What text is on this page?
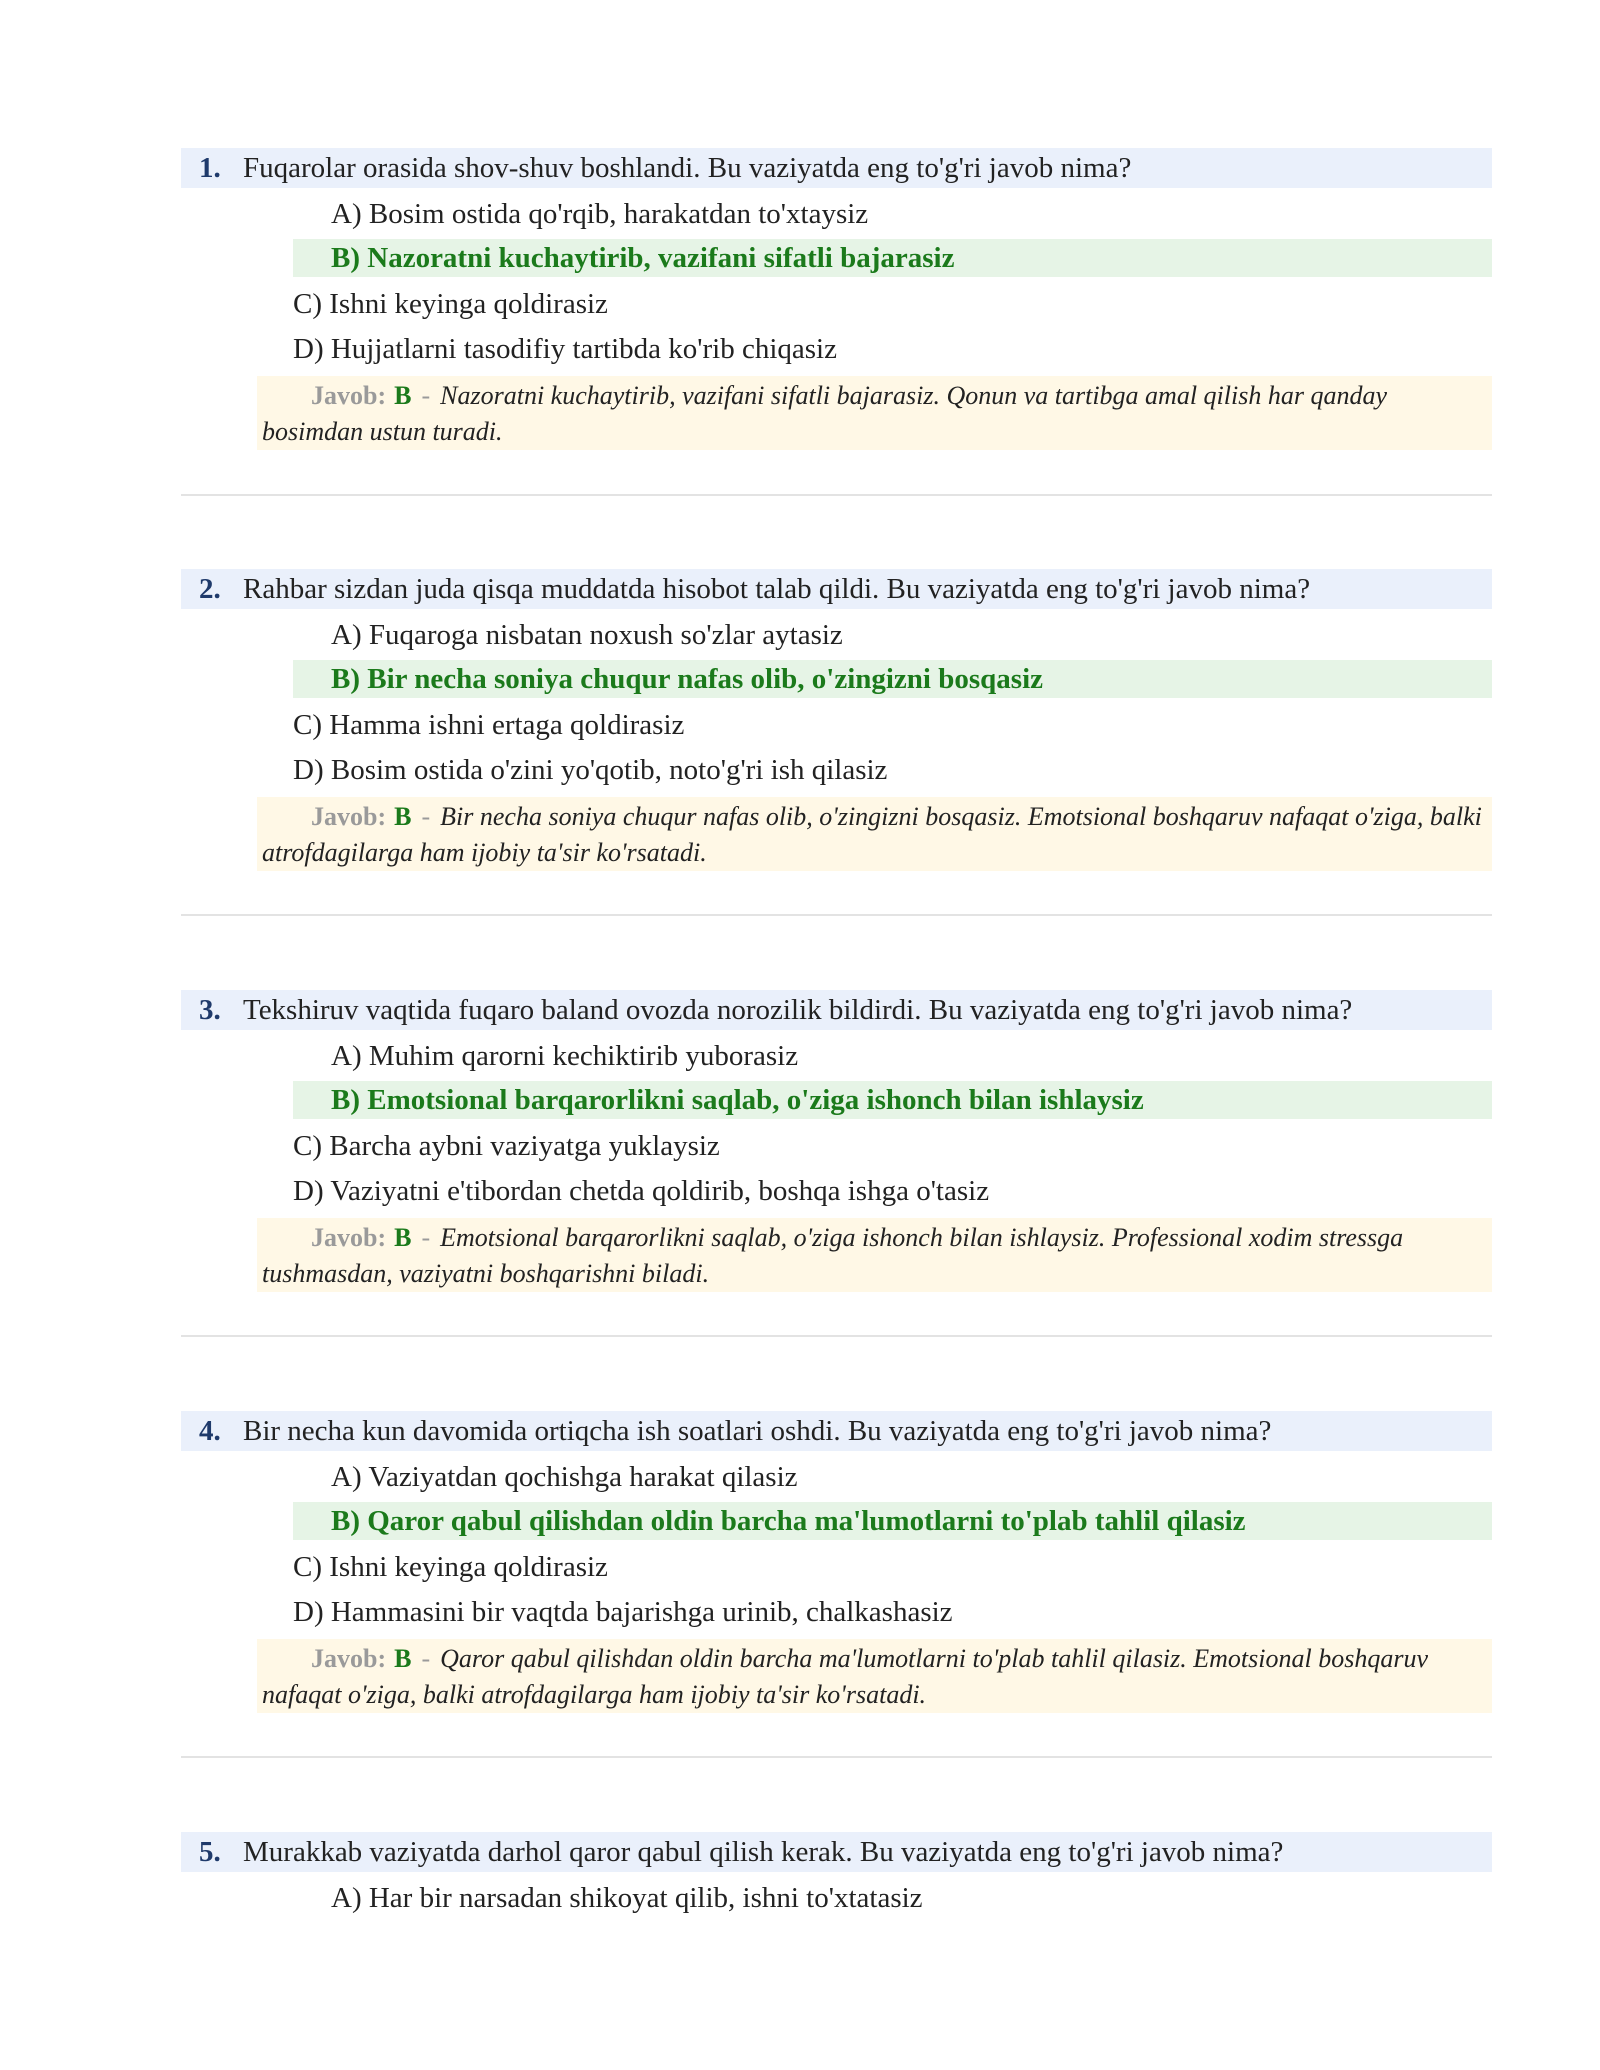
1. Fuqarolar orasida shov-shuv boshlandi. Bu vaziyatda eng to'g'ri javob nima?
A) Bosim ostida qo'rqib, harakatdan to'xtaysiz
B) Nazoratni kuchaytirib, vazifani sifatli bajarasiz
C) Ishni keyinga qoldirasiz
D) Hujjatlarni tasodifiy tartibda ko'rib chiqasiz
Javob: B - Nazoratni kuchaytirib, vazifani sifatli bajarasiz. Qonun va tartibga amal qilish har qanday bosimdan ustun turadi.
2. Rahbar sizdan juda qisqa muddatda hisobot talab qildi. Bu vaziyatda eng to'g'ri javob nima?
A) Fuqaroga nisbatan noxush so'zlar aytasiz
B) Bir necha soniya chuqur nafas olib, o'zingizni bosqasiz
C) Hamma ishni ertaga qoldirasiz
D) Bosim ostida o'zini yo'qotib, noto'g'ri ish qilasiz
Javob: B - Bir necha soniya chuqur nafas olib, o'zingizni bosqasiz. Emotsional boshqaruv nafaqat o'ziga, balki atrofdagilarga ham ijobiy ta'sir ko'rsatadi.
3. Tekshiruv vaqtida fuqaro baland ovozda norozilik bildirdi. Bu vaziyatda eng to'g'ri javob nima?
A) Muhim qarorni kechiktirib yuborasiz
B) Emotsional barqarorlikni saqlab, o'ziga ishonch bilan ishlaysiz
C) Barcha aybni vaziyatga yuklaysiz
D) Vaziyatni e'tibordan chetda qoldirib, boshqa ishga o'tasiz
Javob: B - Emotsional barqarorlikni saqlab, o'ziga ishonch bilan ishlaysiz. Professional xodim stressga tushmasdan, vaziyatni boshqarishni biladi.
4. Bir necha kun davomida ortiqcha ish soatlari oshdi. Bu vaziyatda eng to'g'ri javob nima?
A) Vaziyatdan qochishga harakat qilasiz
B) Qaror qabul qilishdan oldin barcha ma'lumotlarni to'plab tahlil qilasiz
C) Ishni keyinga qoldirasiz
D) Hammasini bir vaqtda bajarishga urinib, chalkashasiz
Javob: B - Qaror qabul qilishdan oldin barcha ma'lumotlarni to'plab tahlil qilasiz. Emotsional boshqaruv nafaqat o'ziga, balki atrofdagilarga ham ijobiy ta'sir ko'rsatadi.
5. Murakkab vaziyatda darhol qaror qabul qilish kerak. Bu vaziyatda eng to'g'ri javob nima?
A) Har bir narsadan shikoyat qilib, ishni to'xtatasiz
